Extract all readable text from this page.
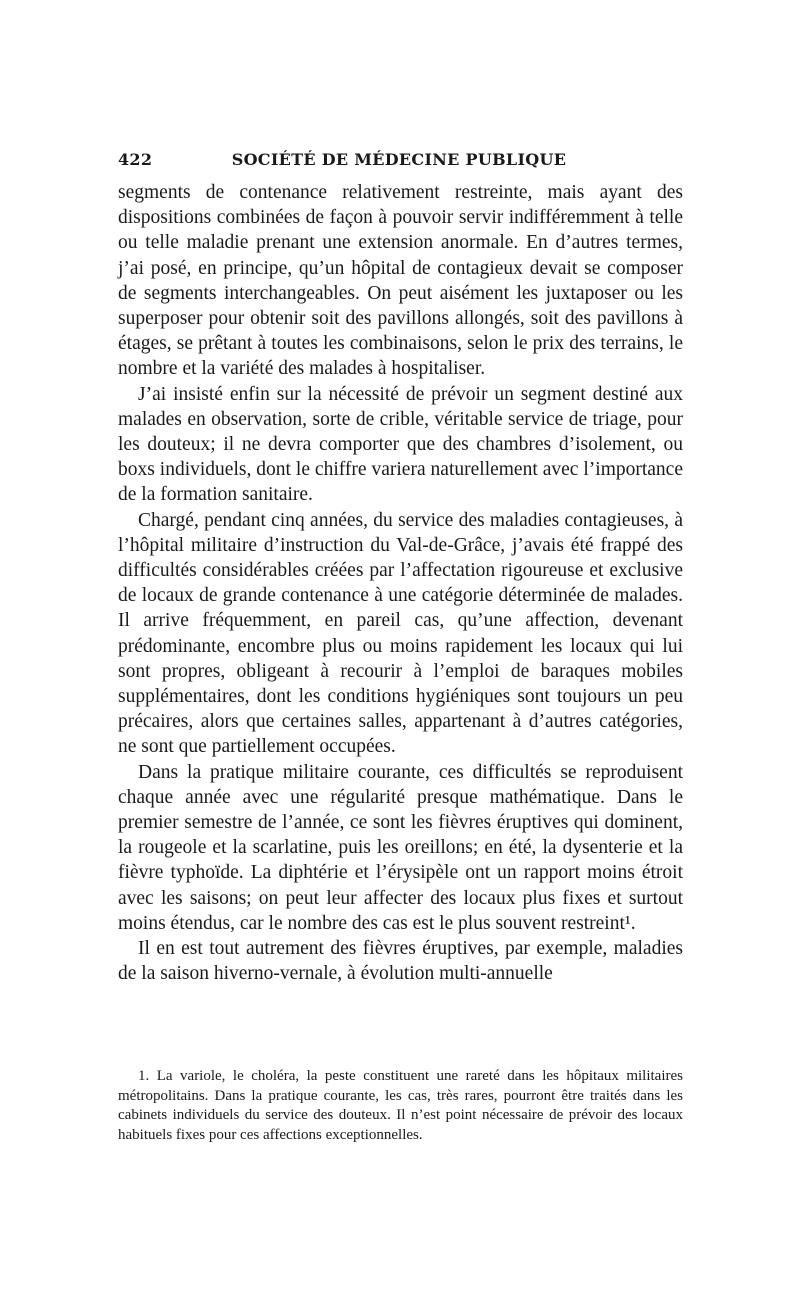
422	SOCIÉTÉ DE MÉDECINE PUBLIQUE

segments de contenance relativement restreinte, mais ayant des dispositions combinées de façon à pouvoir servir indifféremment à telle ou telle maladie prenant une extension anormale. En d’autres termes, j’ai posé, en principe, qu’un hôpital de contagieux devait se composer de segments interchangeables. On peut aisément les juxtaposer ou les superposer pour obtenir soit des pavillons allongés, soit des pavillons à étages, se prêtant à toutes les combinaisons, selon le prix des terrains, le nombre et la variété des malades à hospitaliser.

J’ai insisté enfin sur la nécessité de prévoir un segment destiné aux malades en observation, sorte de crible, véritable service de triage, pour les douteux; il ne devra comporter que des chambres d’isolement, ou boxs individuels, dont le chiffre variera naturellement avec l’importance de la formation sanitaire.

Chargé, pendant cinq années, du service des maladies contagieuses, à l’hôpital militaire d’instruction du Val-de-Grâce, j’avais été frappé des difficultés considérables créées par l’affectation rigoureuse et exclusive de locaux de grande contenance à une catégorie déterminée de malades. Il arrive fréquemment, en pareil cas, qu’une affection, devenant prédominante, encombre plus ou moins rapidement les locaux qui lui sont propres, obligeant à recourir à l’emploi de baraques mobiles supplémentaires, dont les conditions hygiéniques sont toujours un peu précaires, alors que certaines salles, appartenant à d’autres catégories, ne sont que partiellement occupées.

Dans la pratique militaire courante, ces difficultés se reproduisent chaque année avec une régularité presque mathématique. Dans le premier semestre de l’année, ce sont les fièvres éruptives qui dominent, la rougeole et la scarlatine, puis les oreillons; en été, la dysenterie et la fièvre typhoïde. La diphtérie et l’érysipèle ont un rapport moins étroit avec les saisons; on peut leur affecter des locaux plus fixes et surtout moins étendus, car le nombre des cas est le plus souvent restreint¹.

Il en est tout autrement des fièvres éruptives, par exemple, maladies de la saison hiverno-vernale, à évolution multi-annuelle

1. La variole, le choléra, la peste constituent une rareté dans les hôpitaux militaires métropolitains. Dans la pratique courante, les cas, très rares, pourront être traités dans les cabinets individuels du service des douteux. Il n’est point nécessaire de prévoir des locaux habituels fixes pour ces affections exceptionnelles.
